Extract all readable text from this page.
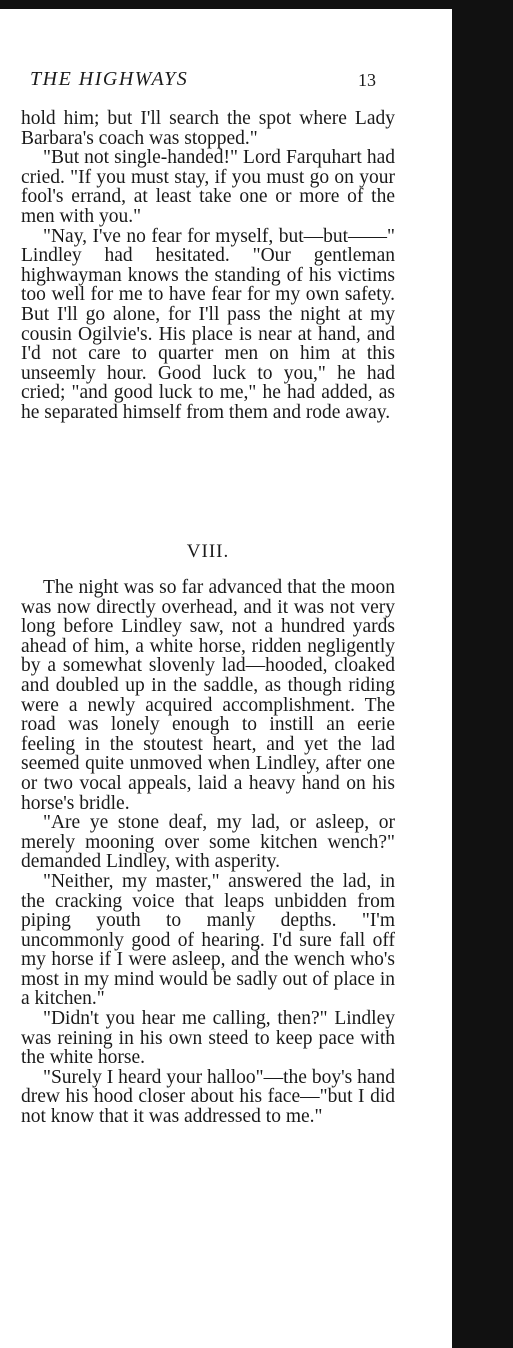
THE HIGHWAYS	13

hold him; but I'll search the spot where Lady Barbara's coach was stopped."

"But not single-handed!" Lord Farquhart had cried. "If you must stay, if you must go on your fool's errand, at least take one or more of the men with you."

"Nay, I've no fear for myself, but—but——" Lindley had hesitated. "Our gentleman highwayman knows the standing of his victims too well for me to have fear for my own safety. But I'll go alone, for I'll pass the night at my cousin Ogilvie's. His place is near at hand, and I'd not care to quarter men on him at this unseemly hour. Good luck to you," he had cried; "and good luck to me," he had added, as he separated himself from them and rode away.

VIII.

The night was so far advanced that the moon was now directly overhead, and it was not very long before Lindley saw, not a hundred yards ahead of him, a white horse, ridden negligently by a somewhat slovenly lad—hooded, cloaked and doubled up in the saddle, as though riding were a newly acquired accomplishment. The road was lonely enough to instill an eerie feeling in the stoutest heart, and yet the lad seemed quite unmoved when Lindley, after one or two vocal appeals, laid a heavy hand on his horse's bridle.

"Are ye stone deaf, my lad, or asleep, or merely mooning over some kitchen wench?" demanded Lindley, with asperity.

"Neither, my master," answered the lad, in the cracking voice that leaps unbidden from piping youth to manly depths. "I'm uncommonly good of hearing. I'd sure fall off my horse if I were asleep, and the wench who's most in my mind would be sadly out of place in a kitchen."

"Didn't you hear me calling, then?" Lindley was reining in his own steed to keep pace with the white horse.

"Surely I heard your halloo"—the boy's hand drew his hood closer about his face—"but I did not know that it was addressed to me."
